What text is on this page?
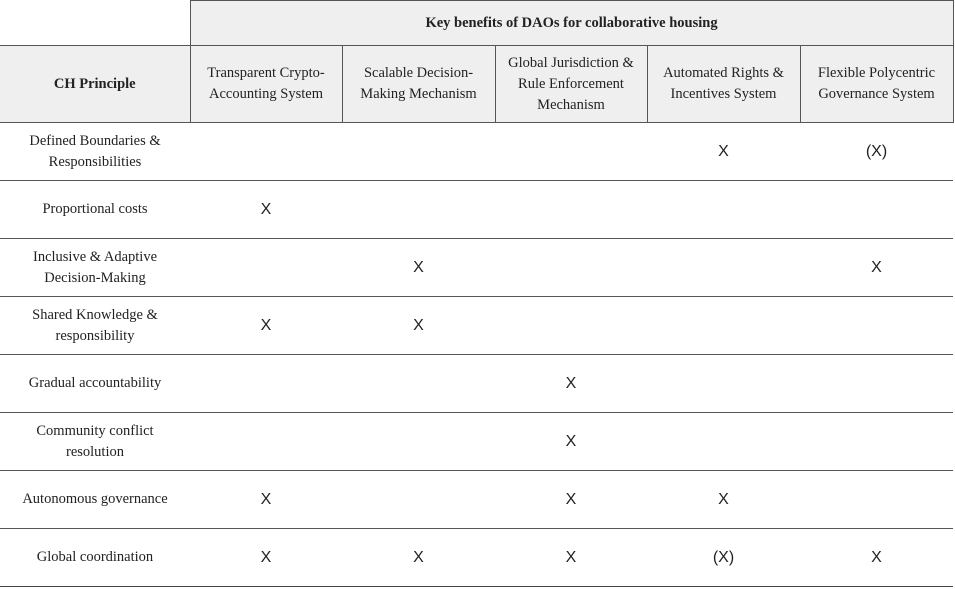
	Key benefits of DAOs for collaborative housing				
CH Principle	Transparent Crypto-Accounting System	Scalable Decision-Making Mechanism	Global Jurisdiction & Rule Enforcement Mechanism	Automated Rights & Incentives System	Flexible Polycentric Governance System
Defined Boundaries & Responsibilities				X	(X)
Proportional costs	X				
Inclusive & Adaptive Decision-Making		X			X
Shared Knowledge & responsibility	X	X			
Gradual accountability			X		
Community conflict resolution			X		
Autonomous governance	X		X	X	
Global coordination	X	X	X	(X)	X
